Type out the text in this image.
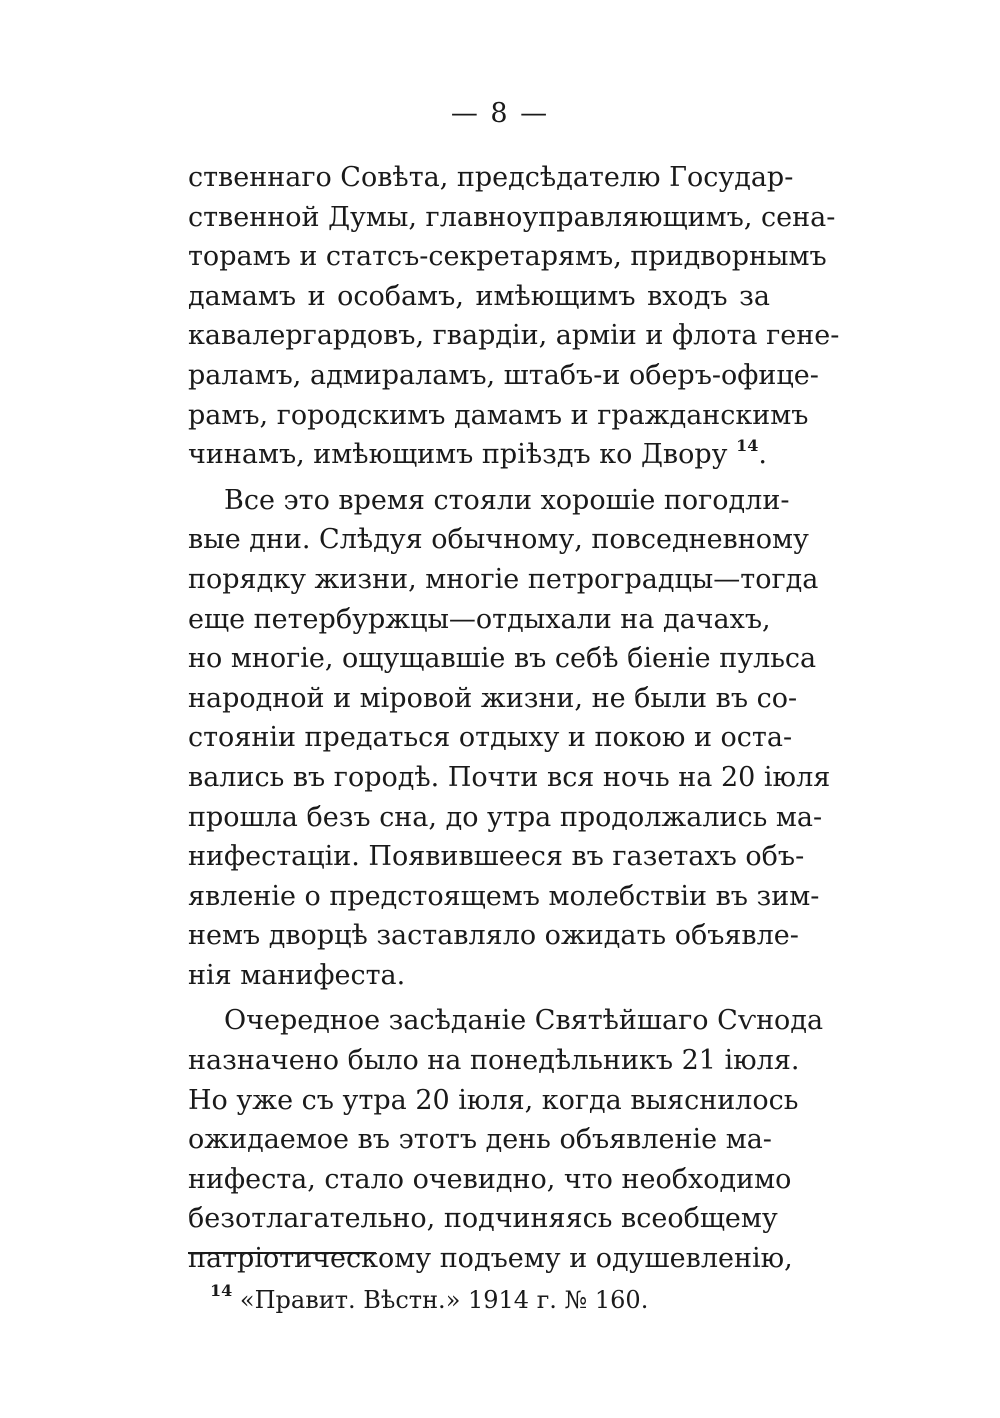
— 8 —
ственнаго Совѣта, предсѣдателю Государ-
ственной Думы, главноуправляющимъ, сена-
торамъ и статсъ-секретарямъ, придворнымъ
дамамъ и особамъ, имѣющимъ входъ за
кавалергардовъ, гвардіи, арміи и флота гене-
раламъ, адмираламъ, штабъ-и оберъ-офице-
рамъ, городскимъ дамамъ и гражданскимъ
чинамъ, имѣющимъ пріѣздъ ко Двору $^{14}$.
Все это время стояли хорошіе погодли-
вые дни. Слѣдуя обычному, повседневному
порядку жизни, многіе петроградцы—тогда
еще петербуржцы—отдыхали на дачахъ,
но многіе, ощущавшіе въ себѣ біеніе пульса
народной и міровой жизни, не были въ со-
стояніи предаться отдыху и покою и оста-
вались въ городѣ. Почти вся ночь на 20 іюля
прошла безъ сна, до утра продолжались ма-
нифестаціи. Появившееся въ газетахъ объ-
явленіе о предстоящемъ молебствіи въ зим-
немъ дворцѣ заставляло ожидать объявле-
нія манифеста.
Очередное засѣданіе Святѣйшаго Сѵнода
назначено было на понедѣльникъ 21 іюля.
Но уже съ утра 20 іюля, когда выяснилось
ожидаемое въ этотъ день объявленіе ма-
нифеста, стало очевидно, что необходимо
безотлагательно, подчиняясь всеобщему
патріотическому подъему и одушевленію,
$^{14}$ «Правит. Вѣстн.» 1914 г. № 160.
